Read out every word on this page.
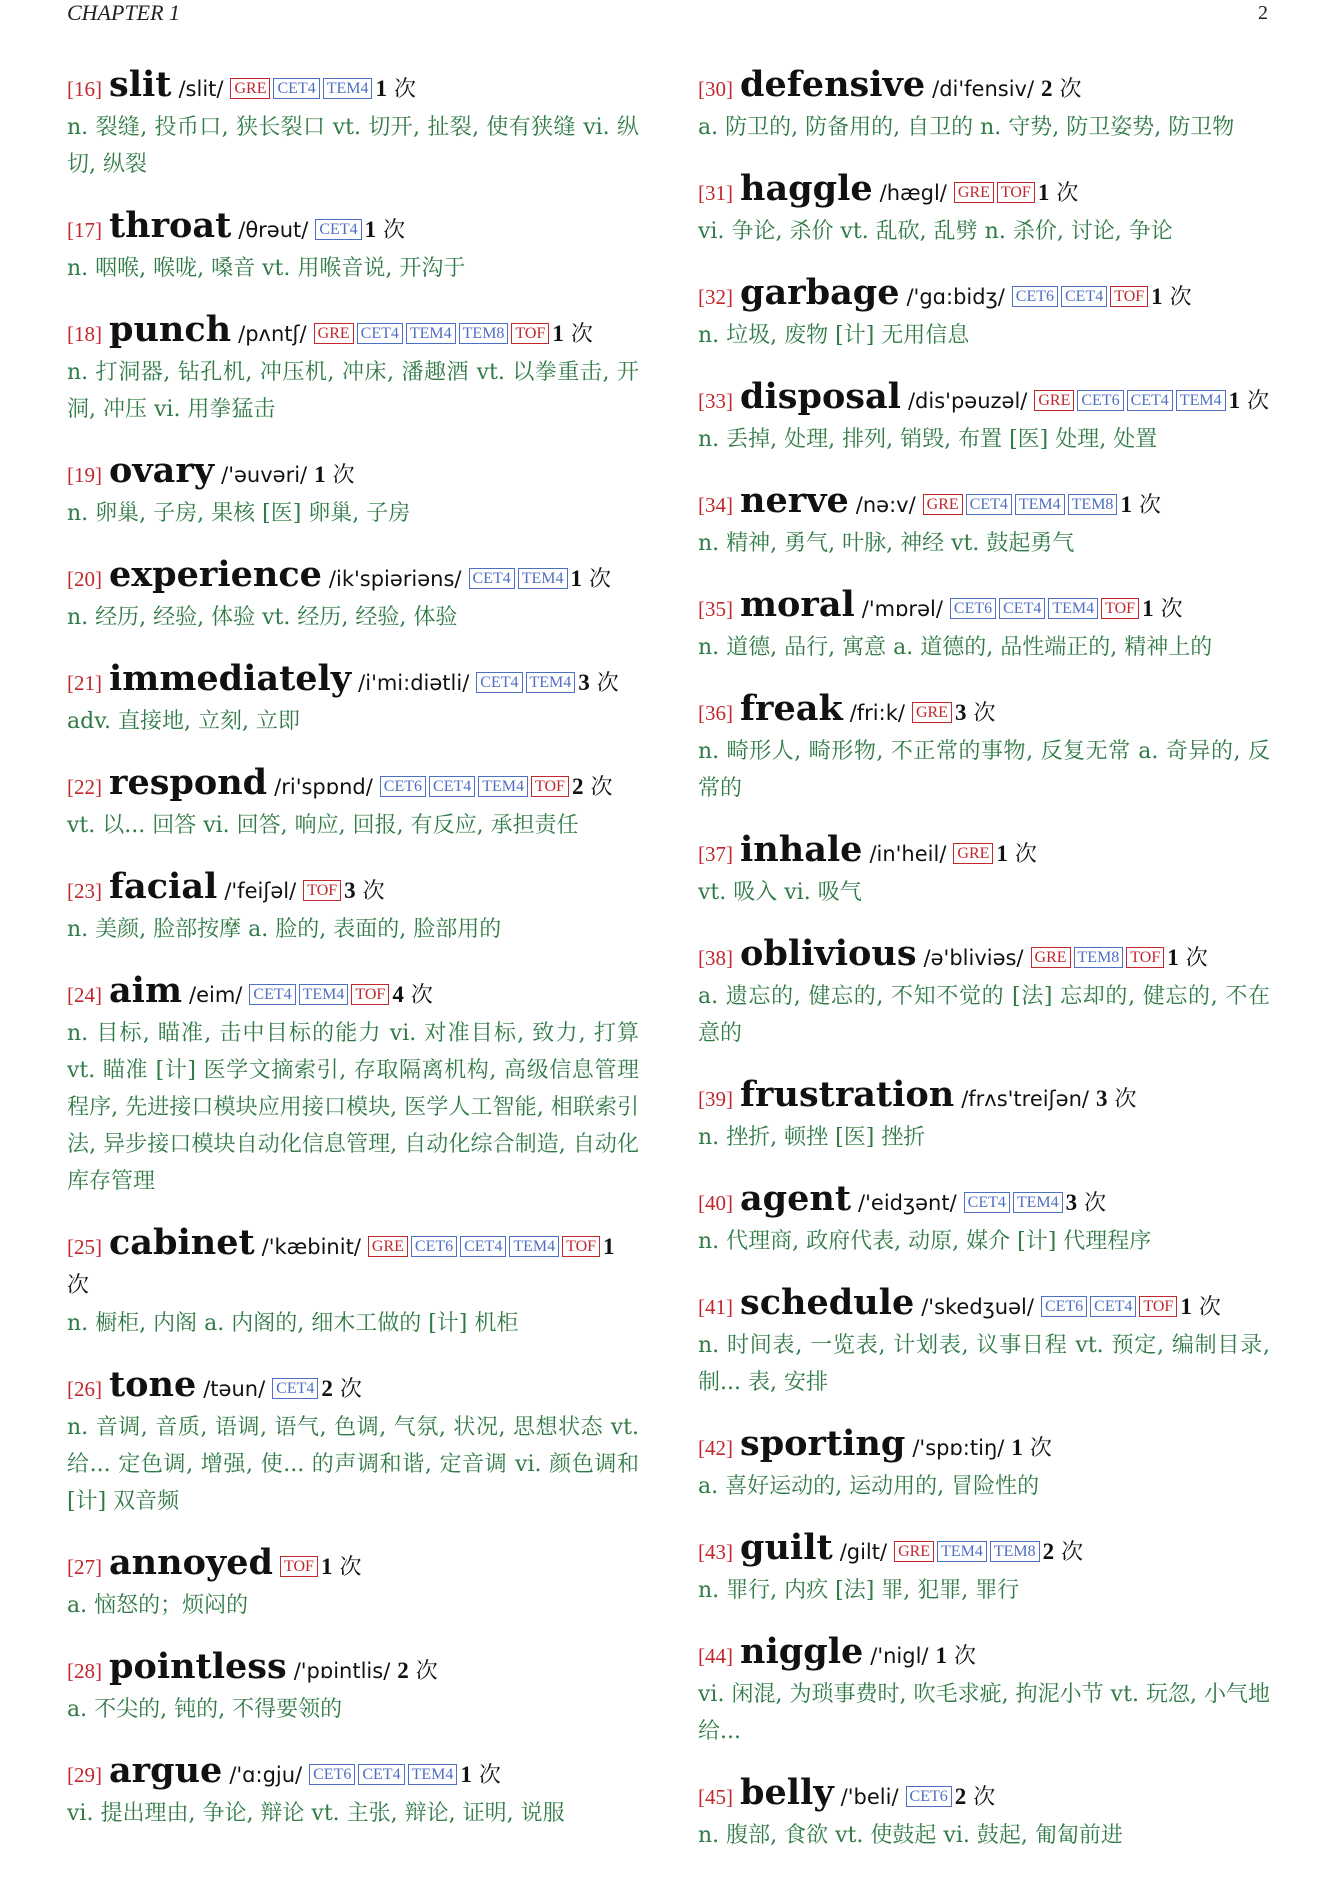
CHAPTER 1	2
[16] slit /slit/ GRE CET4 TEM4 1 次
n. 裂缝, 投币口, 狭长裂口 vt. 切开, 扯裂, 使有狭缝 vi. 纵切, 纵裂
[17] throat /θrəut/ CET4 1 次
n. 咽喉, 喉咙, 嗓音 vt. 用喉音说, 开沟于
[18] punch /pʌntʃ/ GRE CET4 TEM4 TEM8 TOF 1 次
n. 打洞器, 钻孔机, 冲压机, 冲床, 潘趣酒 vt. 以拳重击, 开洞, 冲压 vi. 用拳猛击
[19] ovary /'əuvəri/ 1 次
n. 卵巢, 子房, 果核 [医] 卵巢, 子房
[20] experience /ik'spiəriəns/ CET4 TEM4 1 次
n. 经历, 经验, 体验 vt. 经历, 经验, 体验
[21] immediately /i'mi:diətli/ CET4 TEM4 3 次
adv. 直接地, 立刻, 立即
[22] respond /ri'spɒnd/ CET6 CET4 TEM4 TOF 2 次
vt. 以... 回答 vi. 回答, 响应, 回报, 有反应, 承担责任
[23] facial /'feiʃəl/ TOF 3 次
n. 美颜, 脸部按摩 a. 脸的, 表面的, 脸部用的
[24] aim /eim/ CET4 TEM4 TOF 4 次
n. 目标, 瞄准, 击中目标的能力 vi. 对准目标, 致力, 打算 vt. 瞄准 [计] 医学文摘索引, 存取隔离机构, 高级信息管理程序, 先进接口模块应用接口模块, 医学人工智能, 相联索引法, 异步接口模块自动化信息管理, 自动化综合制造, 自动化库存管理
[25] cabinet /'kæbinit/ GRE CET6 CET4 TEM4 TOF 1 次
n. 橱柜, 内阁 a. 内阁的, 细木工做的 [计] 机柜
[26] tone /təun/ CET4 2 次
n. 音调, 音质, 语调, 语气, 色调, 气氛, 状况, 思想状态 vt. 给... 定色调, 增强, 使... 的声调和谐, 定音调 vi. 颜色调和 [计] 双音频
[27] annoyed TOF 1 次
a. 恼怒的；烦闷的
[28] pointless /'pɒintlis/ 2 次
a. 不尖的, 钝的, 不得要领的
[29] argue /'ɑ:gju/ CET6 CET4 TEM4 1 次
vi. 提出理由, 争论, 辩论 vt. 主张, 辩论, 证明, 说服
[30] defensive /di'fensiv/ 2 次
a. 防卫的, 防备用的, 自卫的 n. 守势, 防卫姿势, 防卫物
[31] haggle /hægl/ GRE TOF 1 次
vi. 争论, 杀价 vt. 乱砍, 乱劈 n. 杀价, 讨论, 争论
[32] garbage /'gɑ:bidʒ/ CET6 CET4 TOF 1 次
n. 垃圾, 废物 [计] 无用信息
[33] disposal /dis'pəuzəl/ GRE CET6 CET4 TEM4 1 次
n. 丢掉, 处理, 排列, 销毁, 布置 [医] 处理, 处置
[34] nerve /nə:v/ GRE CET4 TEM4 TEM8 1 次
n. 精神, 勇气, 叶脉, 神经 vt. 鼓起勇气
[35] moral /'mɒrəl/ CET6 CET4 TEM4 TOF 1 次
n. 道德, 品行, 寓意 a. 道德的, 品性端正的, 精神上的
[36] freak /fri:k/ GRE 3 次
n. 畸形人, 畸形物, 不正常的事物, 反复无常 a. 奇异的, 反常的
[37] inhale /in'heil/ GRE 1 次
vt. 吸入 vi. 吸气
[38] oblivious /ə'bliviəs/ GRE TEM8 TOF 1 次
a. 遗忘的, 健忘的, 不知不觉的 [法] 忘却的, 健忘的, 不在意的
[39] frustration /frʌs'treiʃən/ 3 次
n. 挫折, 顿挫 [医] 挫折
[40] agent /'eidʒənt/ CET4 TEM4 3 次
n. 代理商, 政府代表, 动原, 媒介 [计] 代理程序
[41] schedule /'skedʒuəl/ CET6 CET4 TOF 1 次
n. 时间表, 一览表, 计划表, 议事日程 vt. 预定, 编制目录, 制... 表, 安排
[42] sporting /'spɒ:tiŋ/ 1 次
a. 喜好运动的, 运动用的, 冒险性的
[43] guilt /gilt/ GRE TEM4 TEM8 2 次
n. 罪行, 内疚 [法] 罪, 犯罪, 罪行
[44] niggle /'nigl/ 1 次
vi. 闲混, 为琐事费时, 吹毛求疵, 拘泥小节 vt. 玩忽, 小气地给...
[45] belly /'beli/ CET6 2 次
n. 腹部, 食欲 vt. 使鼓起 vi. 鼓起, 匍匐前进
